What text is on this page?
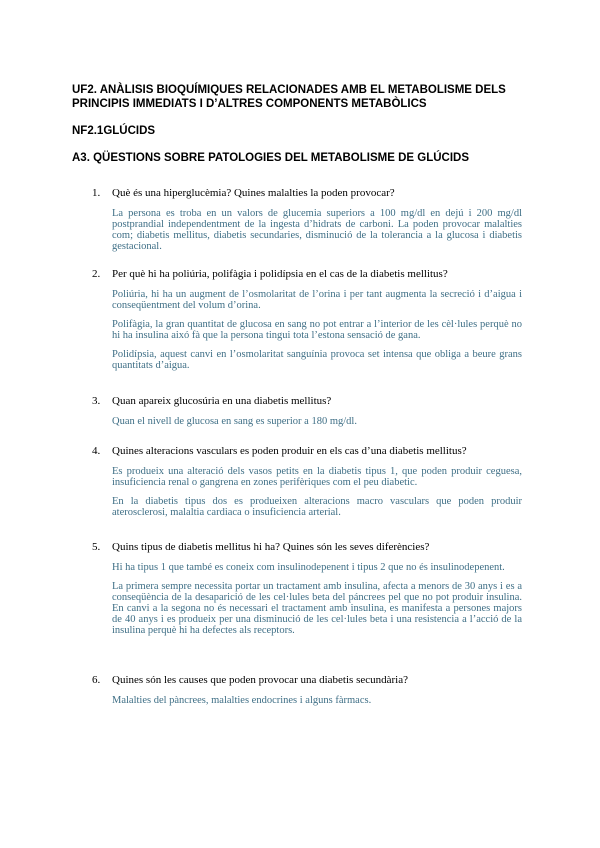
UF2. ANÀLISIS BIOQUÍMIQUES RELACIONADES AMB EL METABOLISME DELS PRINCIPIS IMMEDIATS I D’ALTRES COMPONENTS METABÒLICS
NF2.1GLÚCIDS
A3. QÜESTIONS SOBRE PATOLOGIES DEL METABOLISME DE GLÚCIDS
1.	Què és una hiperglucèmia? Quines malalties la poden provocar?
La persona es troba en un valors de glucemia superiors a 100 mg/dl en dejú i 200 mg/dl postprandial independentment de la ingesta d’hidrats de carboni. La poden provocar malalties com; diabetis mellitus, diabetis secundaries, disminució de la tolerancia a la glucosa i diabetis gestacional.
2.	Per què hi ha poliúria, polifàgia i polidípsia en el cas de la diabetis mellitus?
Poliúria, hi ha un augment de l’osmolaritat de l’orina i per tant augmenta la secreció i d’aigua i conseqüentment del volum d’orina.
Polifàgia, la gran quantitat de glucosa en sang no pot entrar a l’interior de les cèl·lules perquè no hi ha insulina aixó fà que la persona tingui tota l’estona sensació de gana.
Polidípsia, aquest canvi en l’osmolaritat sanguínia provoca set intensa que obliga a beure grans quantitats d’aigua.
3.	Quan apareix glucosúria en una diabetis mellitus?
Quan el nivell de glucosa en sang es superior a 180 mg/dl.
4.	Quines alteracions vasculars es poden produir en els cas d’una diabetis mellitus?
Es produeix una alteració dels vasos petits en la diabetis tipus 1, que poden produir ceguesa, insuficiencia renal o gangrena en zones perifèriques com el peu diabetic.
En la diabetis tipus dos es produeixen alteracions macro vasculars que poden produir aterosclerosi, malaltia cardiaca o insuficiencia arterial.
5.	Quins tipus de diabetis mellitus hi ha? Quines són les seves diferències?
Hi ha tipus 1 que també es coneix com insulinodepenent i tipus 2 que no és insulinodepenent.
La primera sempre necessita portar un tractament amb insulina, afecta a menors de 30 anys i es a conseqüència de la desaparició de les cel·lules beta del páncrees pel que no pot produir insulina. En canvi a la segona no és necessari el tractament amb insulina, es manifesta a persones majors de 40 anys i es produeix per una disminució de les cel·lules beta i una resistencia a l’acció de la insulina perquè hi ha defectes als receptors.
6.	Quines són les causes que poden provocar una diabetis secundària?
Malalties del pàncrees, malalties endocrines i alguns fàrmacs.
